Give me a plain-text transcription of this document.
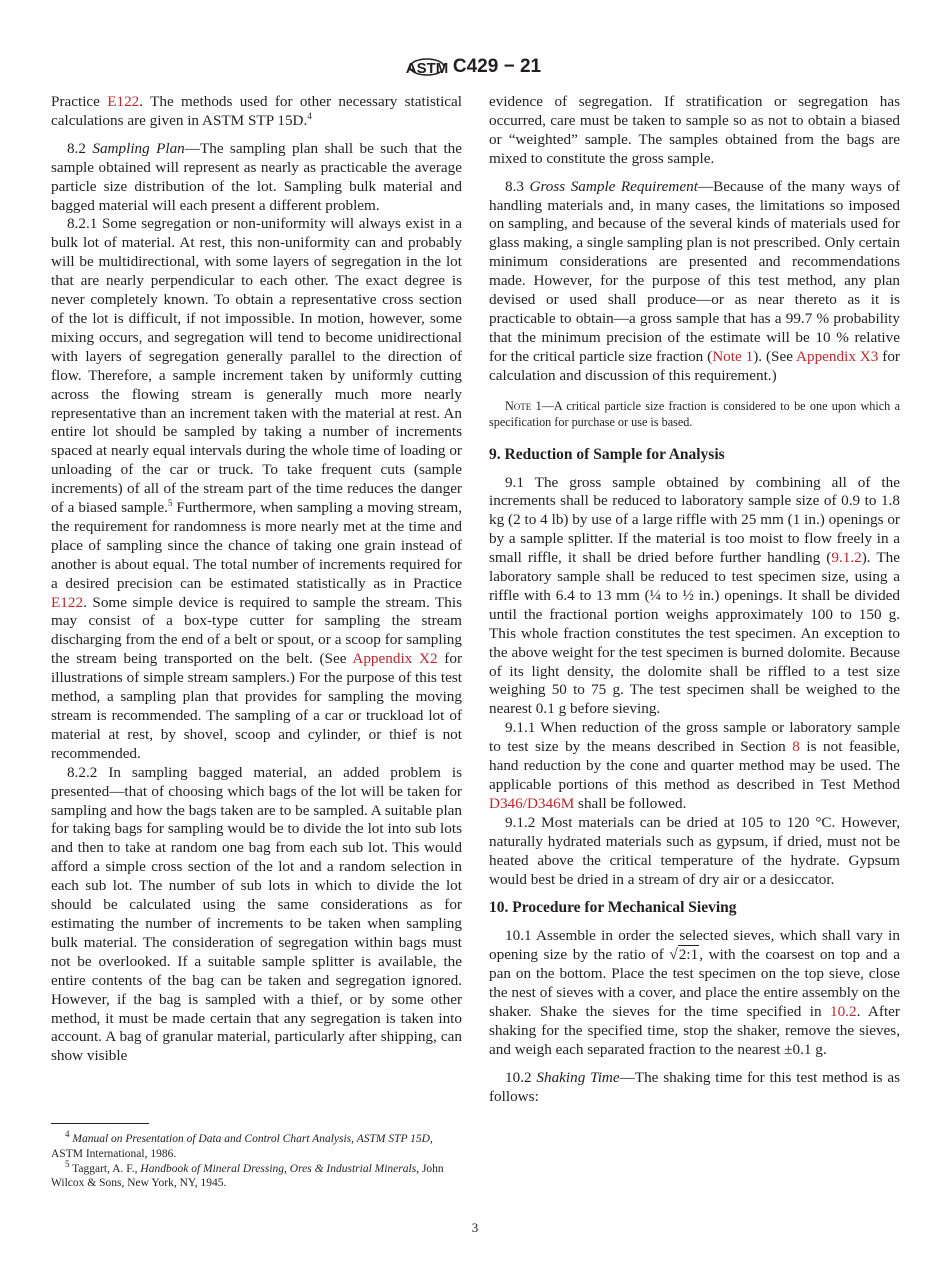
ASTM C429 − 21

Practice E122. The methods used for other necessary statistical calculations are given in ASTM STP 15D.$^4$

8.2 Sampling Plan—The sampling plan shall be such that the sample obtained will represent as nearly as practicable the average particle size distribution of the lot. Sampling bulk material and bagged material will each present a different problem.

8.2.1 Some segregation or non-uniformity will always exist in a bulk lot of material. At rest, this non-uniformity can and probably will be multidirectional, with some layers of segregation in the lot that are nearly perpendicular to each other. The exact degree is never completely known. To obtain a representative cross section of the lot is difficult, if not impossible. In motion, however, some mixing occurs, and segregation will tend to become unidirectional with layers of segregation generally parallel to the direction of flow. Therefore, a sample increment taken by uniformly cutting across the flowing stream is generally much more nearly representative than an increment taken with the material at rest. An entire lot should be sampled by taking a number of increments spaced at nearly equal intervals during the whole time of loading or unloading of the car or truck. To take frequent cuts (sample increments) of all of the stream part of the time reduces the danger of a biased sample.$^5$ Furthermore, when sampling a moving stream, the requirement for randomness is more nearly met at the time and place of sampling since the chance of taking one grain instead of another is about equal. The total number of increments required for a desired precision can be estimated statistically as in Practice E122. Some simple device is required to sample the stream. This may consist of a box-type cutter for sampling the stream discharging from the end of a belt or spout, or a scoop for sampling the stream being transported on the belt. (See Appendix X2 for illustrations of simple stream samplers.) For the purpose of this test method, a sampling plan that provides for sampling the moving stream is recommended. The sampling of a car or truckload lot of material at rest, by shovel, scoop and cylinder, or thief is not recommended.

8.2.2 In sampling bagged material, an added problem is presented—that of choosing which bags of the lot will be taken for sampling and how the bags taken are to be sampled. A suitable plan for taking bags for sampling would be to divide the lot into sub lots and then to take at random one bag from each sub lot. This would afford a simple cross section of the lot and a random selection in each sub lot. The number of sub lots in which to divide the lot should be calculated using the same considerations as for estimating the number of increments to be taken when sampling bulk material. The consideration of segregation within bags must not be overlooked. If a suitable sample splitter is available, the entire contents of the bag can be taken and segregation ignored. However, if the bag is sampled with a thief, or by some other method, it must be made certain that any segregation is taken into account. A bag of granular material, particularly after shipping, can show visible

evidence of segregation. If stratification or segregation has occurred, care must be taken to sample so as not to obtain a biased or “weighted” sample. The samples obtained from the bags are mixed to constitute the gross sample.

8.3 Gross Sample Requirement—Because of the many ways of handling materials and, in many cases, the limitations so imposed on sampling, and because of the several kinds of materials used for glass making, a single sampling plan is not prescribed. Only certain minimum considerations are presented and recommendations made. However, for the purpose of this test method, any plan devised or used shall produce—or as near thereto as it is practicable to obtain—a gross sample that has a 99.7 % probability that the minimum precision of the estimate will be 10 % relative for the critical particle size fraction (Note 1). (See Appendix X3 for calculation and discussion of this requirement.)

Note 1—A critical particle size fraction is considered to be one upon which a specification for purchase or use is based.

9. Reduction of Sample for Analysis

9.1 The gross sample obtained by combining all of the increments shall be reduced to laboratory sample size of 0.9 to 1.8 kg (2 to 4 lb) by use of a large riffle with 25 mm (1 in.) openings or by a sample splitter. If the material is too moist to flow freely in a small riffle, it shall be dried before further handling (9.1.2). The laboratory sample shall be reduced to test specimen size, using a riffle with 6.4 to 13 mm (¼ to ½ in.) openings. It shall be divided until the fractional portion weighs approximately 100 to 150 g. This whole fraction constitutes the test specimen. An exception to the above weight for the test specimen is burned dolomite. Because of its light density, the dolomite shall be riffled to a test size weighing 50 to 75 g. The test specimen shall be weighed to the nearest 0.1 g before sieving.

9.1.1 When reduction of the gross sample or laboratory sample to test size by the means described in Section 8 is not feasible, hand reduction by the cone and quarter method may be used. The applicable portions of this method as described in Test Method D346/D346M shall be followed.

9.1.2 Most materials can be dried at 105 to 120 °C. However, naturally hydrated materials such as gypsum, if dried, must not be heated above the critical temperature of the hydrate. Gypsum would best be dried in a stream of dry air or a desiccator.

10. Procedure for Mechanical Sieving

10.1 Assemble in order the selected sieves, which shall vary in opening size by the ratio of √2:1, with the coarsest on top and a pan on the bottom. Place the test specimen on the top sieve, close the nest of sieves with a cover, and place the entire assembly on the shaker. Shake the sieves for the time specified in 10.2. After shaking for the specified time, stop the shaker, remove the sieves, and weigh each separated fraction to the nearest ±0.1 g.

10.2 Shaking Time—The shaking time for this test method is as follows:

$^4$ Manual on Presentation of Data and Control Chart Analysis, ASTM STP 15D, ASTM International, 1986.

$^5$ Taggart, A. F., Handbook of Mineral Dressing, Ores & Industrial Minerals, John Wilcox & Sons, New York, NY, 1945.

3
